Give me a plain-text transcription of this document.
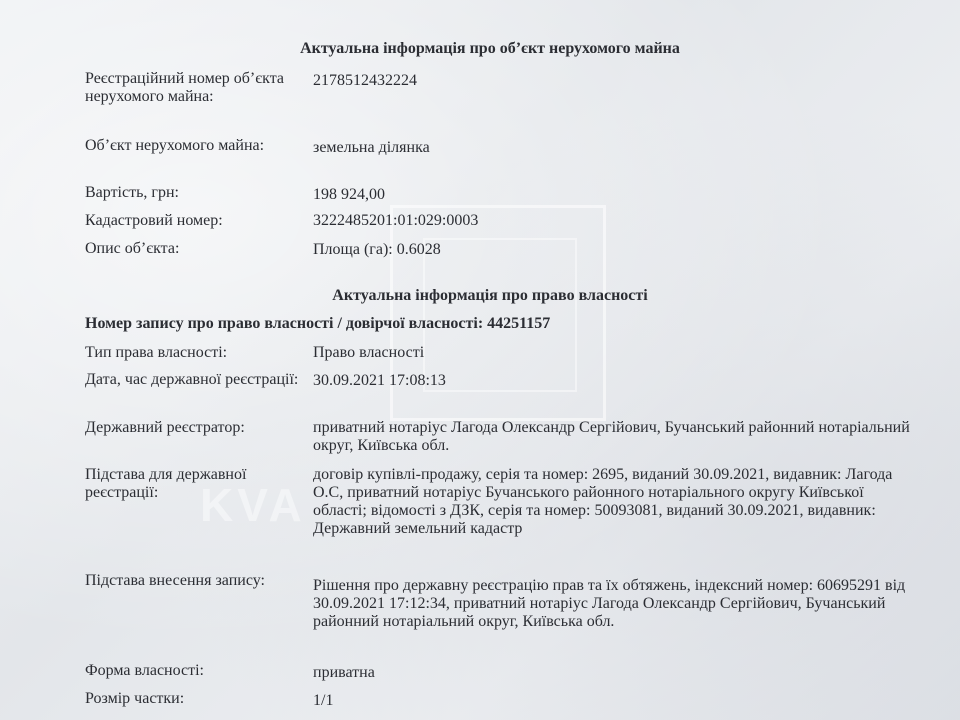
KVA
Актуальна інформація про об’єкт нерухомого майна
Реєстраційний номер об’єкта нерухомого майна:
2178512432224
Об’єкт нерухомого майна:	земельна ділянка
Вартість, грн:	198 924,00
Кадастровий номер:	3222485201:01:029:0003
Опис об’єкта:	Площа (га): 0.6028
Актуальна інформація про право власності
Номер запису про право власності / довірчої власності: 44251157
Тип права власності:	Право власності
Дата, час державної реєстрації: 30.09.2021 17:08:13
Державний реєстратор:	приватний нотаріус Лагода Олександр Сергійович, Бучанський районний нотаріальний округ, Київська обл.
Підстава для державної реєстрації:
договір купівлі-продажу, серія та номер: 2695, виданий 30.09.2021, видавник: Лагода О.С, приватний нотаріус Бучанського районного нотаріального округу Київської області; відомості з ДЗК, серія та номер: 50093081, виданий 30.09.2021, видавник: Державний земельний кадастр
Підстава внесення запису:	Рішення про державну реєстрацію прав та їх обтяжень, індексний номер: 60695291 від 30.09.2021 17:12:34, приватний нотаріус Лагода Олександр Сергійович, Бучанський районний нотаріальний округ, Київська обл.
Форма власності:	приватна
Розмір частки:	1/1
